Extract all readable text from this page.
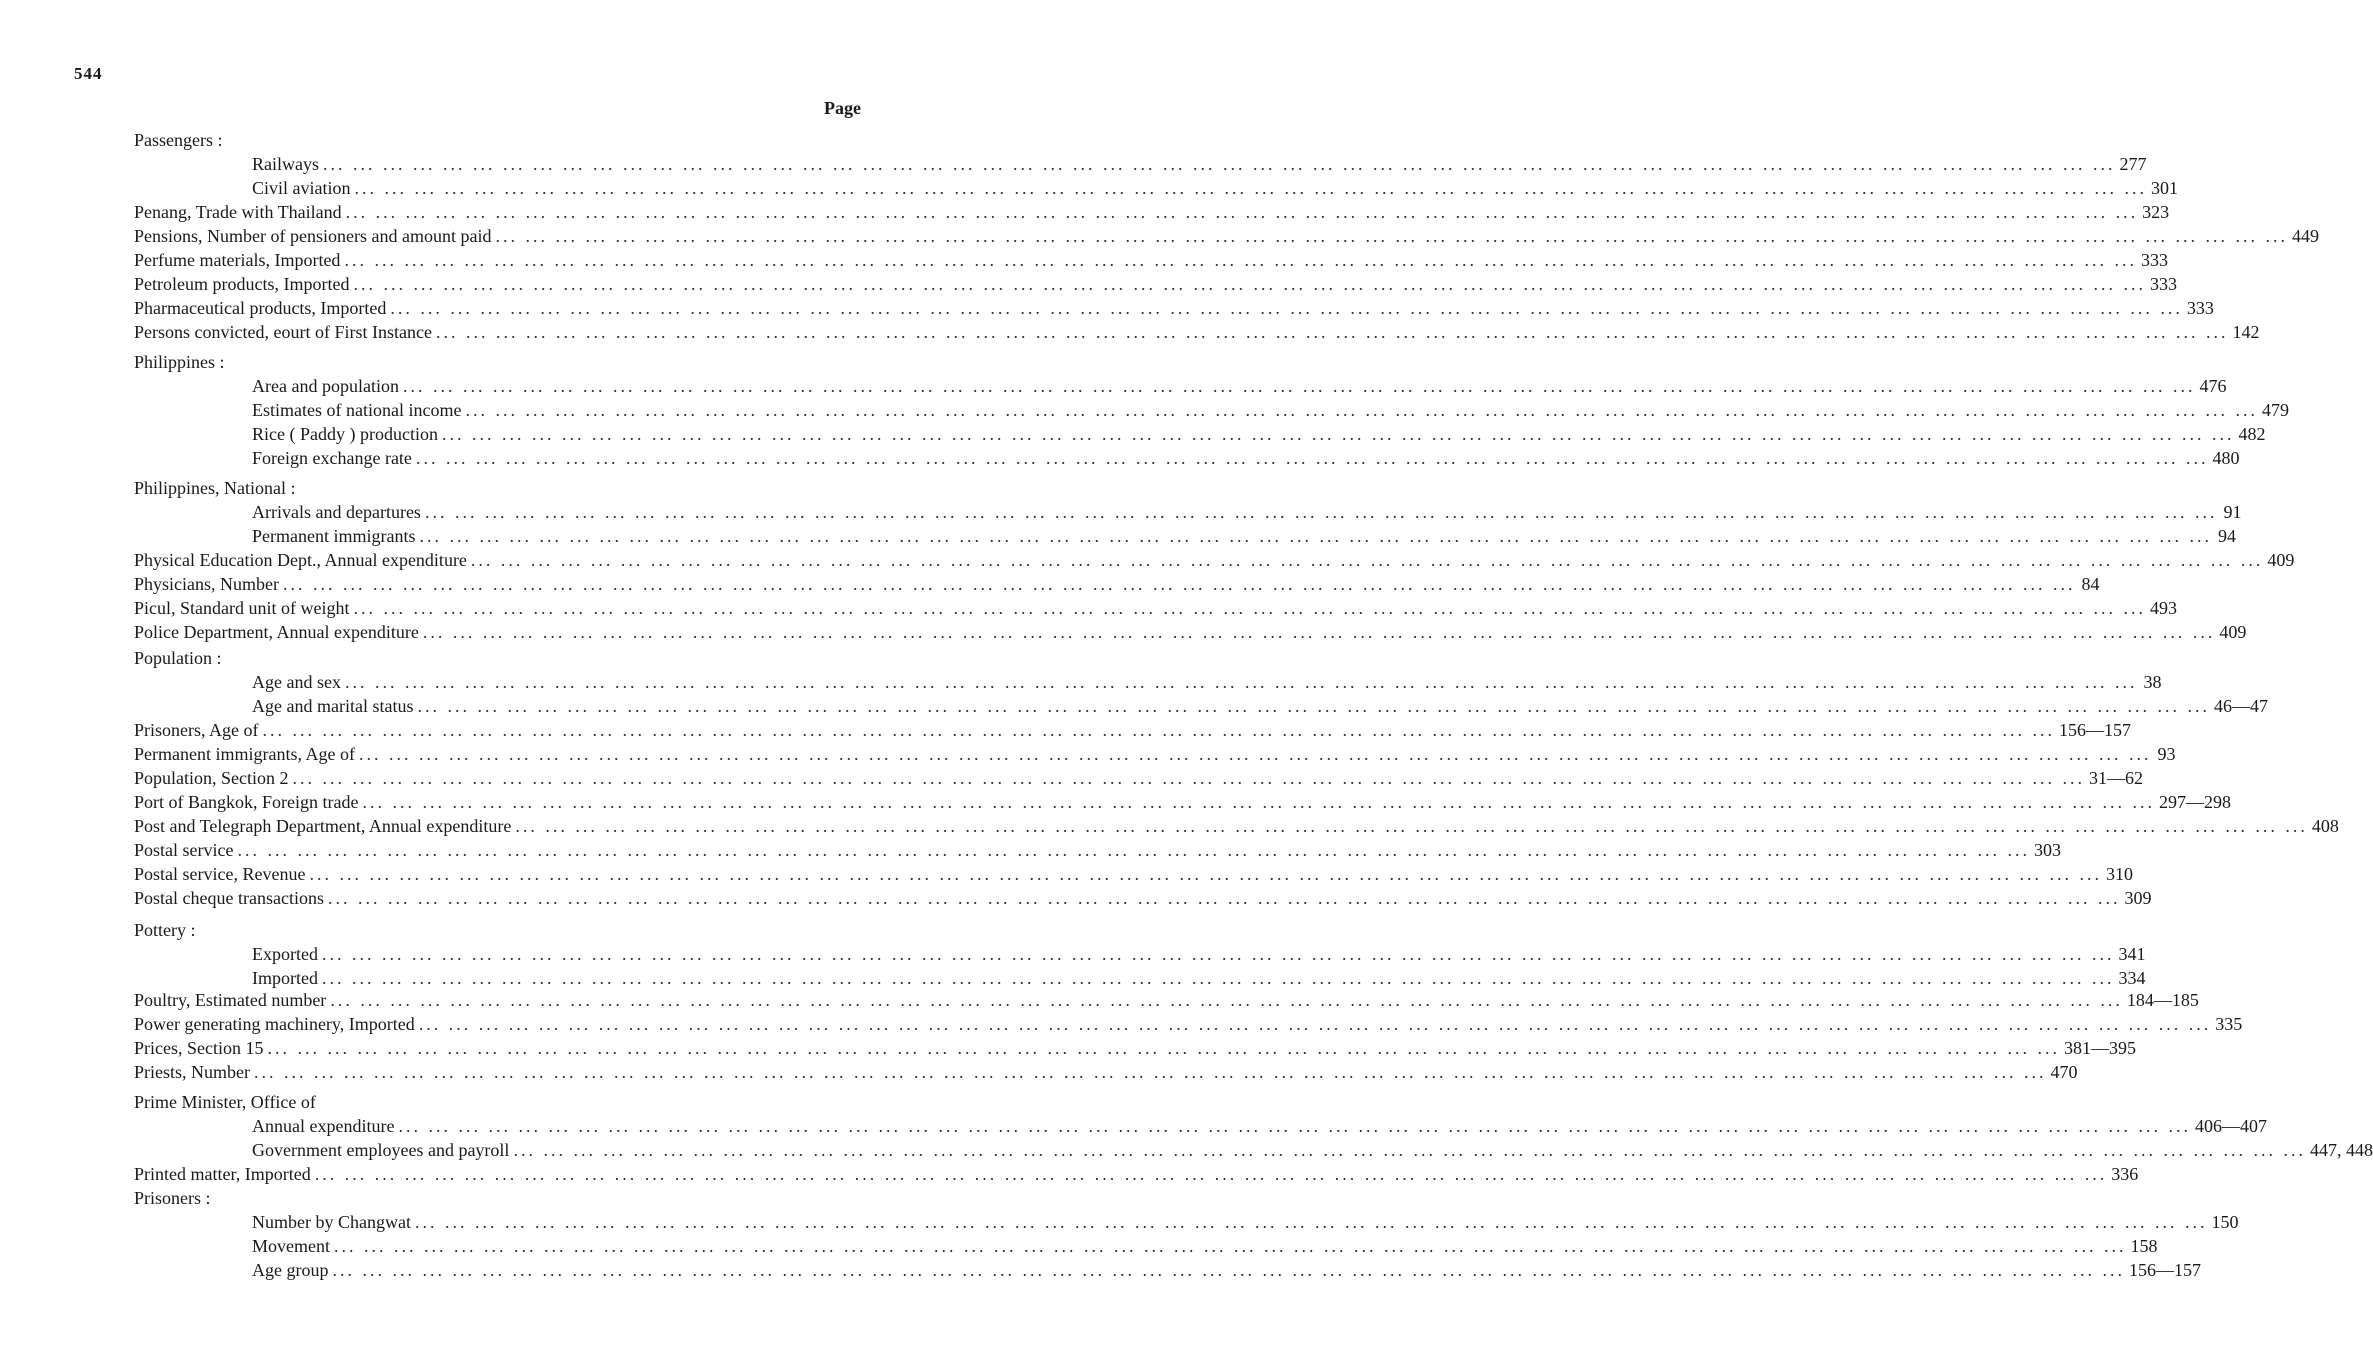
544
Page
Passengers :
Railways ... ... ... ... ... ... ... ... ... ... ... ... ... ... ... ... ... ... ... ... ... ... ... ... ... ... ... ... ... ... ... ... ... ... ... ... ... ... ... ... ... ... ... ... ... ... ... ... ... ... ... ... ... ... ... ... ... ... ... ... 277
Civil aviation ... ... ... ... ... ... ... ... ... ... ... ... ... ... ... ... ... ... ... ... ... ... ... ... ... ... ... ... ... ... ... ... ... ... ... ... ... ... ... ... ... ... ... ... ... ... ... ... ... ... ... ... ... ... ... ... ... ... ... ... 301
Penang, Trade with Thailand ... ... ... ... ... ... ... ... ... ... ... ... ... ... ... ... ... ... ... ... ... ... ... ... ... ... ... ... ... ... ... ... ... ... ... ... ... ... ... ... ... ... ... ... ... ... ... ... ... ... ... ... ... ... ... ... ... ... ... ... 323
Pensions, Number of pensioners and amount paid ... ... ... ... ... ... ... ... ... ... ... ... ... ... ... ... ... ... ... ... ... ... ... ... ... ... ... ... ... ... ... ... ... ... ... ... ... ... ... ... ... ... ... ... ... ... ... ... ... ... ... ... ... ... ... ... ... ... ... ... 449
Perfume materials, Imported ... ... ... ... ... ... ... ... ... ... ... ... ... ... ... ... ... ... ... ... ... ... ... ... ... ... ... ... ... ... ... ... ... ... ... ... ... ... ... ... ... ... ... ... ... ... ... ... ... ... ... ... ... ... ... ... ... ... ... ... 333
Petroleum products, Imported ... ... ... ... ... ... ... ... ... ... ... ... ... ... ... ... ... ... ... ... ... ... ... ... ... ... ... ... ... ... ... ... ... ... ... ... ... ... ... ... ... ... ... ... ... ... ... ... ... ... ... ... ... ... ... ... ... ... ... ... 333
Pharmaceutical products, Imported ... ... ... ... ... ... ... ... ... ... ... ... ... ... ... ... ... ... ... ... ... ... ... ... ... ... ... ... ... ... ... ... ... ... ... ... ... ... ... ... ... ... ... ... ... ... ... ... ... ... ... ... ... ... ... ... ... ... ... ... 333
Persons convicted, eourt of First Instance ... ... ... ... ... ... ... ... ... ... ... ... ... ... ... ... ... ... ... ... ... ... ... ... ... ... ... ... ... ... ... ... ... ... ... ... ... ... ... ... ... ... ... ... ... ... ... ... ... ... ... ... ... ... ... ... ... ... ... ... 142
Philippines :
Area and population ... ... ... ... ... ... ... ... ... ... ... ... ... ... ... ... ... ... ... ... ... ... ... ... ... ... ... ... ... ... ... ... ... ... ... ... ... ... ... ... ... ... ... ... ... ... ... ... ... ... ... ... ... ... ... ... ... ... ... ... 476
Estimates of national income ... ... ... ... ... ... ... ... ... ... ... ... ... ... ... ... ... ... ... ... ... ... ... ... ... ... ... ... ... ... ... ... ... ... ... ... ... ... ... ... ... ... ... ... ... ... ... ... ... ... ... ... ... ... ... ... ... ... ... ... 479
Rice ( Paddy ) production ... ... ... ... ... ... ... ... ... ... ... ... ... ... ... ... ... ... ... ... ... ... ... ... ... ... ... ... ... ... ... ... ... ... ... ... ... ... ... ... ... ... ... ... ... ... ... ... ... ... ... ... ... ... ... ... ... ... ... ... 482
Foreign exchange rate ... ... ... ... ... ... ... ... ... ... ... ... ... ... ... ... ... ... ... ... ... ... ... ... ... ... ... ... ... ... ... ... ... ... ... ... ... ... ... ... ... ... ... ... ... ... ... ... ... ... ... ... ... ... ... ... ... ... ... ... 480
Philippines, National :
Arrivals and departures ... ... ... ... ... ... ... ... ... ... ... ... ... ... ... ... ... ... ... ... ... ... ... ... ... ... ... ... ... ... ... ... ... ... ... ... ... ... ... ... ... ... ... ... ... ... ... ... ... ... ... ... ... ... ... ... ... ... ... ... 91
Permanent immigrants ... ... ... ... ... ... ... ... ... ... ... ... ... ... ... ... ... ... ... ... ... ... ... ... ... ... ... ... ... ... ... ... ... ... ... ... ... ... ... ... ... ... ... ... ... ... ... ... ... ... ... ... ... ... ... ... ... ... ... ... 94
Physical Education Dept., Annual expenditure ... ... ... ... ... ... ... ... ... ... ... ... ... ... ... ... ... ... ... ... ... ... ... ... ... ... ... ... ... ... ... ... ... ... ... ... ... ... ... ... ... ... ... ... ... ... ... ... ... ... ... ... ... ... ... ... ... ... ... ... 409
Physicians, Number ... ... ... ... ... ... ... ... ... ... ... ... ... ... ... ... ... ... ... ... ... ... ... ... ... ... ... ... ... ... ... ... ... ... ... ... ... ... ... ... ... ... ... ... ... ... ... ... ... ... ... ... ... ... ... ... ... ... ... ... 84
Picul, Standard unit of weight ... ... ... ... ... ... ... ... ... ... ... ... ... ... ... ... ... ... ... ... ... ... ... ... ... ... ... ... ... ... ... ... ... ... ... ... ... ... ... ... ... ... ... ... ... ... ... ... ... ... ... ... ... ... ... ... ... ... ... ... 493
Police Department, Annual expenditure ... ... ... ... ... ... ... ... ... ... ... ... ... ... ... ... ... ... ... ... ... ... ... ... ... ... ... ... ... ... ... ... ... ... ... ... ... ... ... ... ... ... ... ... ... ... ... ... ... ... ... ... ... ... ... ... ... ... ... ... 409
Population :
Age and sex ... ... ... ... ... ... ... ... ... ... ... ... ... ... ... ... ... ... ... ... ... ... ... ... ... ... ... ... ... ... ... ... ... ... ... ... ... ... ... ... ... ... ... ... ... ... ... ... ... ... ... ... ... ... ... ... ... ... ... ... 38
Age and marital status ... ... ... ... ... ... ... ... ... ... ... ... ... ... ... ... ... ... ... ... ... ... ... ... ... ... ... ... ... ... ... ... ... ... ... ... ... ... ... ... ... ... ... ... ... ... ... ... ... ... ... ... ... ... ... ... ... ... ... ... 46—47
Prisoners, Age of ... ... ... ... ... ... ... ... ... ... ... ... ... ... ... ... ... ... ... ... ... ... ... ... ... ... ... ... ... ... ... ... ... ... ... ... ... ... ... ... ... ... ... ... ... ... ... ... ... ... ... ... ... ... ... ... ... ... ... ... 156—157
Permanent immigrants, Age of ... ... ... ... ... ... ... ... ... ... ... ... ... ... ... ... ... ... ... ... ... ... ... ... ... ... ... ... ... ... ... ... ... ... ... ... ... ... ... ... ... ... ... ... ... ... ... ... ... ... ... ... ... ... ... ... ... ... ... ... 93
Population, Section 2 ... ... ... ... ... ... ... ... ... ... ... ... ... ... ... ... ... ... ... ... ... ... ... ... ... ... ... ... ... ... ... ... ... ... ... ... ... ... ... ... ... ... ... ... ... ... ... ... ... ... ... ... ... ... ... ... ... ... ... ... 31—62
Port of Bangkok, Foreign trade ... ... ... ... ... ... ... ... ... ... ... ... ... ... ... ... ... ... ... ... ... ... ... ... ... ... ... ... ... ... ... ... ... ... ... ... ... ... ... ... ... ... ... ... ... ... ... ... ... ... ... ... ... ... ... ... ... ... ... ... 297—298
Post and Telegraph Department, Annual expenditure ... ... ... ... ... ... ... ... ... ... ... ... ... ... ... ... ... ... ... ... ... ... ... ... ... ... ... ... ... ... ... ... ... ... ... ... ... ... ... ... ... ... ... ... ... ... ... ... ... ... ... ... ... ... ... ... ... ... ... ... 408
Postal service ... ... ... ... ... ... ... ... ... ... ... ... ... ... ... ... ... ... ... ... ... ... ... ... ... ... ... ... ... ... ... ... ... ... ... ... ... ... ... ... ... ... ... ... ... ... ... ... ... ... ... ... ... ... ... ... ... ... ... ... 303
Postal service, Revenue ... ... ... ... ... ... ... ... ... ... ... ... ... ... ... ... ... ... ... ... ... ... ... ... ... ... ... ... ... ... ... ... ... ... ... ... ... ... ... ... ... ... ... ... ... ... ... ... ... ... ... ... ... ... ... ... ... ... ... ... 310
Postal cheque transactions ... ... ... ... ... ... ... ... ... ... ... ... ... ... ... ... ... ... ... ... ... ... ... ... ... ... ... ... ... ... ... ... ... ... ... ... ... ... ... ... ... ... ... ... ... ... ... ... ... ... ... ... ... ... ... ... ... ... ... ... 309
Pottery :
Exported ... ... ... ... ... ... ... ... ... ... ... ... ... ... ... ... ... ... ... ... ... ... ... ... ... ... ... ... ... ... ... ... ... ... ... ... ... ... ... ... ... ... ... ... ... ... ... ... ... ... ... ... ... ... ... ... ... ... ... ... 341
Imported ... ... ... ... ... ... ... ... ... ... ... ... ... ... ... ... ... ... ... ... ... ... ... ... ... ... ... ... ... ... ... ... ... ... ... ... ... ... ... ... ... ... ... ... ... ... ... ... ... ... ... ... ... ... ... ... ... ... ... ... 334
Poultry, Estimated number ... ... ... ... ... ... ... ... ... ... ... ... ... ... ... ... ... ... ... ... ... ... ... ... ... ... ... ... ... ... ... ... ... ... ... ... ... ... ... ... ... ... ... ... ... ... ... ... ... ... ... ... ... ... ... ... ... ... ... ... 184—185
Power generating machinery, Imported ... ... ... ... ... ... ... ... ... ... ... ... ... ... ... ... ... ... ... ... ... ... ... ... ... ... ... ... ... ... ... ... ... ... ... ... ... ... ... ... ... ... ... ... ... ... ... ... ... ... ... ... ... ... ... ... ... ... ... ... 335
Prices, Section 15 ... ... ... ... ... ... ... ... ... ... ... ... ... ... ... ... ... ... ... ... ... ... ... ... ... ... ... ... ... ... ... ... ... ... ... ... ... ... ... ... ... ... ... ... ... ... ... ... ... ... ... ... ... ... ... ... ... ... ... ... 381—395
Priests, Number ... ... ... ... ... ... ... ... ... ... ... ... ... ... ... ... ... ... ... ... ... ... ... ... ... ... ... ... ... ... ... ... ... ... ... ... ... ... ... ... ... ... ... ... ... ... ... ... ... ... ... ... ... ... ... ... ... ... ... ... 470
Prime Minister, Office of
Annual expenditure ... ... ... ... ... ... ... ... ... ... ... ... ... ... ... ... ... ... ... ... ... ... ... ... ... ... ... ... ... ... ... ... ... ... ... ... ... ... ... ... ... ... ... ... ... ... ... ... ... ... ... ... ... ... ... ... ... ... ... ... 406—407
Government employees and payroll ... ... ... ... ... ... ... ... ... ... ... ... ... ... ... ... ... ... ... ... ... ... ... ... ... ... ... ... ... ... ... ... ... ... ... ... ... ... ... ... ... ... ... ... ... ... ... ... ... ... ... ... ... ... ... ... ... ... ... ... 447, 448
Printed matter, Imported ... ... ... ... ... ... ... ... ... ... ... ... ... ... ... ... ... ... ... ... ... ... ... ... ... ... ... ... ... ... ... ... ... ... ... ... ... ... ... ... ... ... ... ... ... ... ... ... ... ... ... ... ... ... ... ... ... ... ... ... 336
Prisoners :
Number by Changwat ... ... ... ... ... ... ... ... ... ... ... ... ... ... ... ... ... ... ... ... ... ... ... ... ... ... ... ... ... ... ... ... ... ... ... ... ... ... ... ... ... ... ... ... ... ... ... ... ... ... ... ... ... ... ... ... ... ... ... ... 150
Movement ... ... ... ... ... ... ... ... ... ... ... ... ... ... ... ... ... ... ... ... ... ... ... ... ... ... ... ... ... ... ... ... ... ... ... ... ... ... ... ... ... ... ... ... ... ... ... ... ... ... ... ... ... ... ... ... ... ... ... ... 158
Age group ... ... ... ... ... ... ... ... ... ... ... ... ... ... ... ... ... ... ... ... ... ... ... ... ... ... ... ... ... ... ... ... ... ... ... ... ... ... ... ... ... ... ... ... ... ... ... ... ... ... ... ... ... ... ... ... ... ... ... ... 156—157
